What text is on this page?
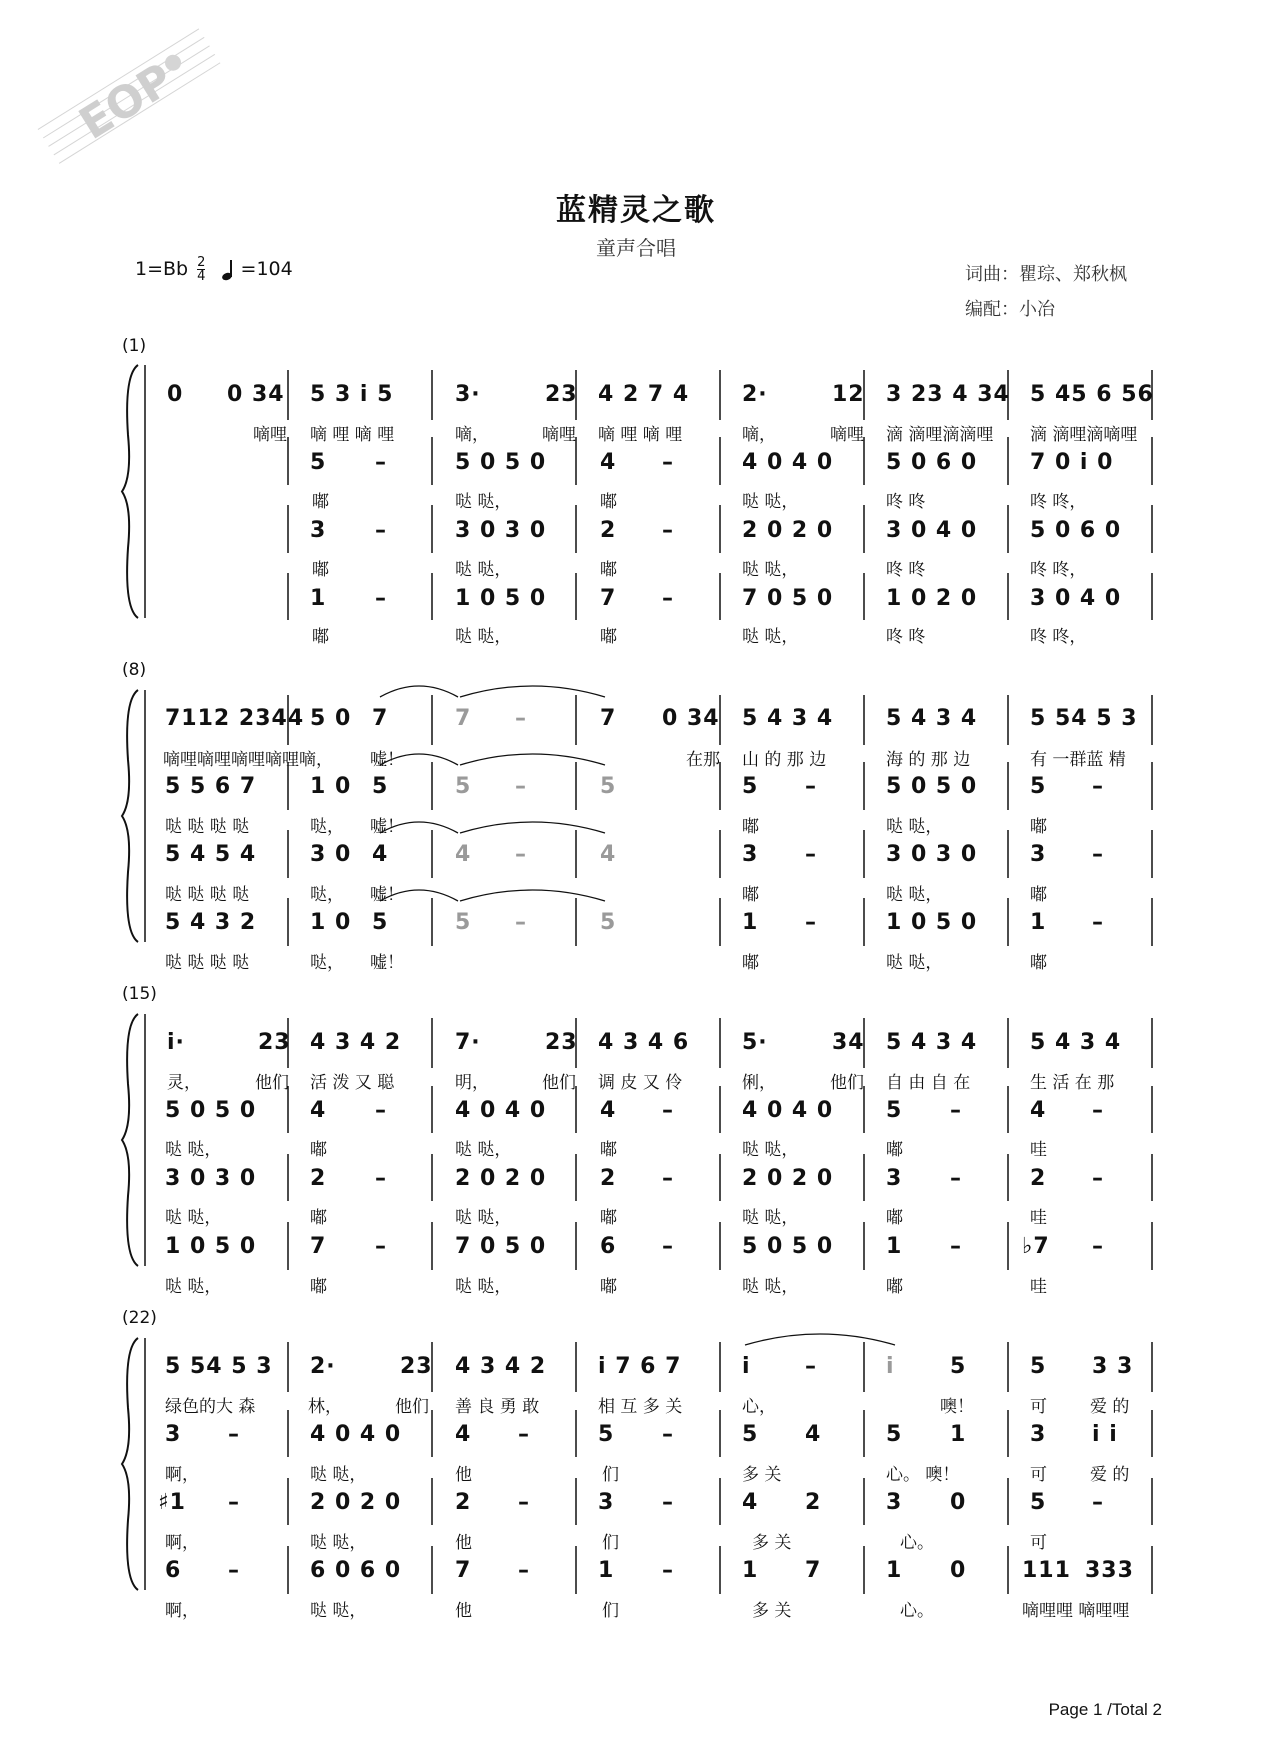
EOP
蓝精灵之歌
童声合唱
$1=Bb \frac{2}{4}$
=104	词曲：瞿琮、郑秋枫
编配：小冶
(1)
(8)
(15)
(22)
0 0 34 5 3 i 5	3·	23 4 2 7 4 2·	12 3 23 4 34 5 45 6 56
嘀哩 嘀 哩 嘀 哩	嘀，	嘀哩 嘀 哩 嘀 哩	嘀，	嘀哩 滴 滴哩滴滴哩 滴 滴哩滴嘀哩
5 –	5 0 5 0 4 –	4 0 4 0 5 0 6 0 7 0 i 0
嘟	哒 哒，	嘟	哒 哒，	咚 咚	咚 咚，
3 –	3 0 3 0 2 –	2 0 2 0 3 0 4 0 5 0 6 0
嘟	哒 哒，	嘟	哒 哒，	咚 咚	咚 咚，
1 –	1 0 5 0 7 –	7 0 5 0 1 0 2 0 3 0 4 0
嘟	哒 哒，	嘟	哒 哒，	咚 咚	咚 咚，
7112 2344 5 0 7	7 –	7 0 34 5 4 3 4 5 4 3 4 5 54 5 3
嘀哩嘀哩嘀哩嘀哩嘀， 嘘！	在那 山 的 那 边	海 的 那 边	有 一群蓝 精
5 5 6 7 1 0 5	5 –	5	5 –	5 0 5 0 5 –
哒 哒 哒 哒	哒， 嘘！	嘟	哒 哒，	嘟
5 4 5 4 3 0 4	4 –	4	3 –	3 0 3 0 3 –
哒 哒 哒 哒	哒， 嘘！	嘟	哒 哒，	嘟
5 4 3 2 1 0 5	5 –	5	1 –	1 0 5 0 1 –
哒 哒 哒 哒	哒， 嘘！	嘟	哒 哒，	嘟
i·	23 4 3 4 2 7·	23 4 3 4 6 5·	34 5 4 3 4 5 4 3 4
灵，	他们 活 泼 又 聪	明，	他们 调 皮 又 伶	俐，	他们 自 由 自 在	生 活 在 那
5 0 5 0 4 –	4 0 4 0 4 –	4 0 4 0 5 –	4 –
哒 哒，	嘟	哒 哒，	嘟	哒 哒，	嘟	哇
3 0 3 0 2 –	2 0 2 0 2 –	2 0 2 0 3 –	2 –
哒 哒，	嘟	哒 哒，	嘟	哒 哒，	嘟	哇
1 0 5 0 7 –	7 0 5 0 6 –	5 0 5 0 1 –	♭7 –
哒 哒，	嘟	哒 哒，	嘟	哒 哒，	嘟	哇
5 54 5 3 2·	23 4 3 4 2 i 7 6 7	i –	i	5	5 3 3
绿色的大 森	林，	他们 善 良 勇 敢	相 互 多 关	心，	噢！	可	爱 的
3 –	4 0 4 0 4 –	5 –	5 4	5 1	3 i i
啊，	哒 哒，	他	们	多 关	心。 噢！	可	爱 的
♯1 –	2 0 2 0 2 –	3 –	4 2	3 0	5 –
啊，	哒 哒，	他	们	多 关	心。	可
6 –	6 0 6 0 7 –	1 –	1 7	1 0	111 333
啊，	哒 哒，	他	们	多 关	心。	嘀哩哩 嘀哩哩
Page 1 /Total 2
